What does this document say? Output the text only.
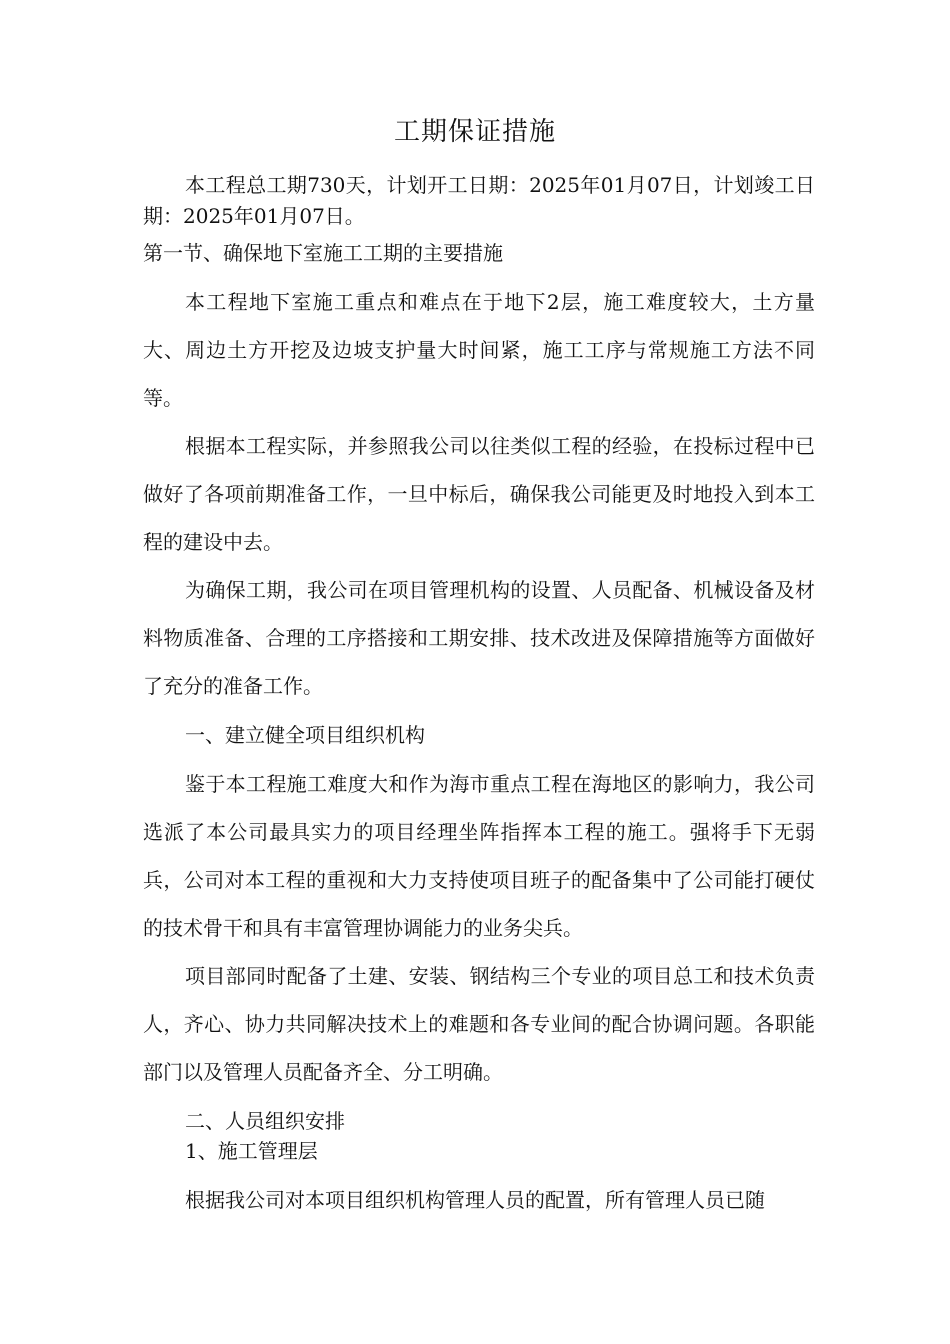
工期保证措施
本工程总工期730天，计划开工日期：2025年01月07日，计划竣工日期：2025年01月07日。
第一节、确保地下室施工工期的主要措施
本工程地下室施工重点和难点在于地下2层，施工难度较大，土方量大、周边土方开挖及边坡支护量大时间紧，施工工序与常规施工方法不同等。
根据本工程实际，并参照我公司以往类似工程的经验，在投标过程中已做好了各项前期准备工作，一旦中标后，确保我公司能更及时地投入到本工程的建设中去。
为确保工期，我公司在项目管理机构的设置、人员配备、机械设备及材料物质准备、合理的工序搭接和工期安排、技术改进及保障措施等方面做好了充分的准备工作。
一、建立健全项目组织机构
鉴于本工程施工难度大和作为海市重点工程在海地区的影响力，我公司选派了本公司最具实力的项目经理坐阵指挥本工程的施工。强将手下无弱兵，公司对本工程的重视和大力支持使项目班子的配备集中了公司能打硬仗的技术骨干和具有丰富管理协调能力的业务尖兵。
项目部同时配备了土建、安装、钢结构三个专业的项目总工和技术负责人，齐心、协力共同解决技术上的难题和各专业间的配合协调问题。各职能部门以及管理人员配备齐全、分工明确。
二、人员组织安排
1、施工管理层
根据我公司对本项目组织机构管理人员的配置，所有管理人员已随
